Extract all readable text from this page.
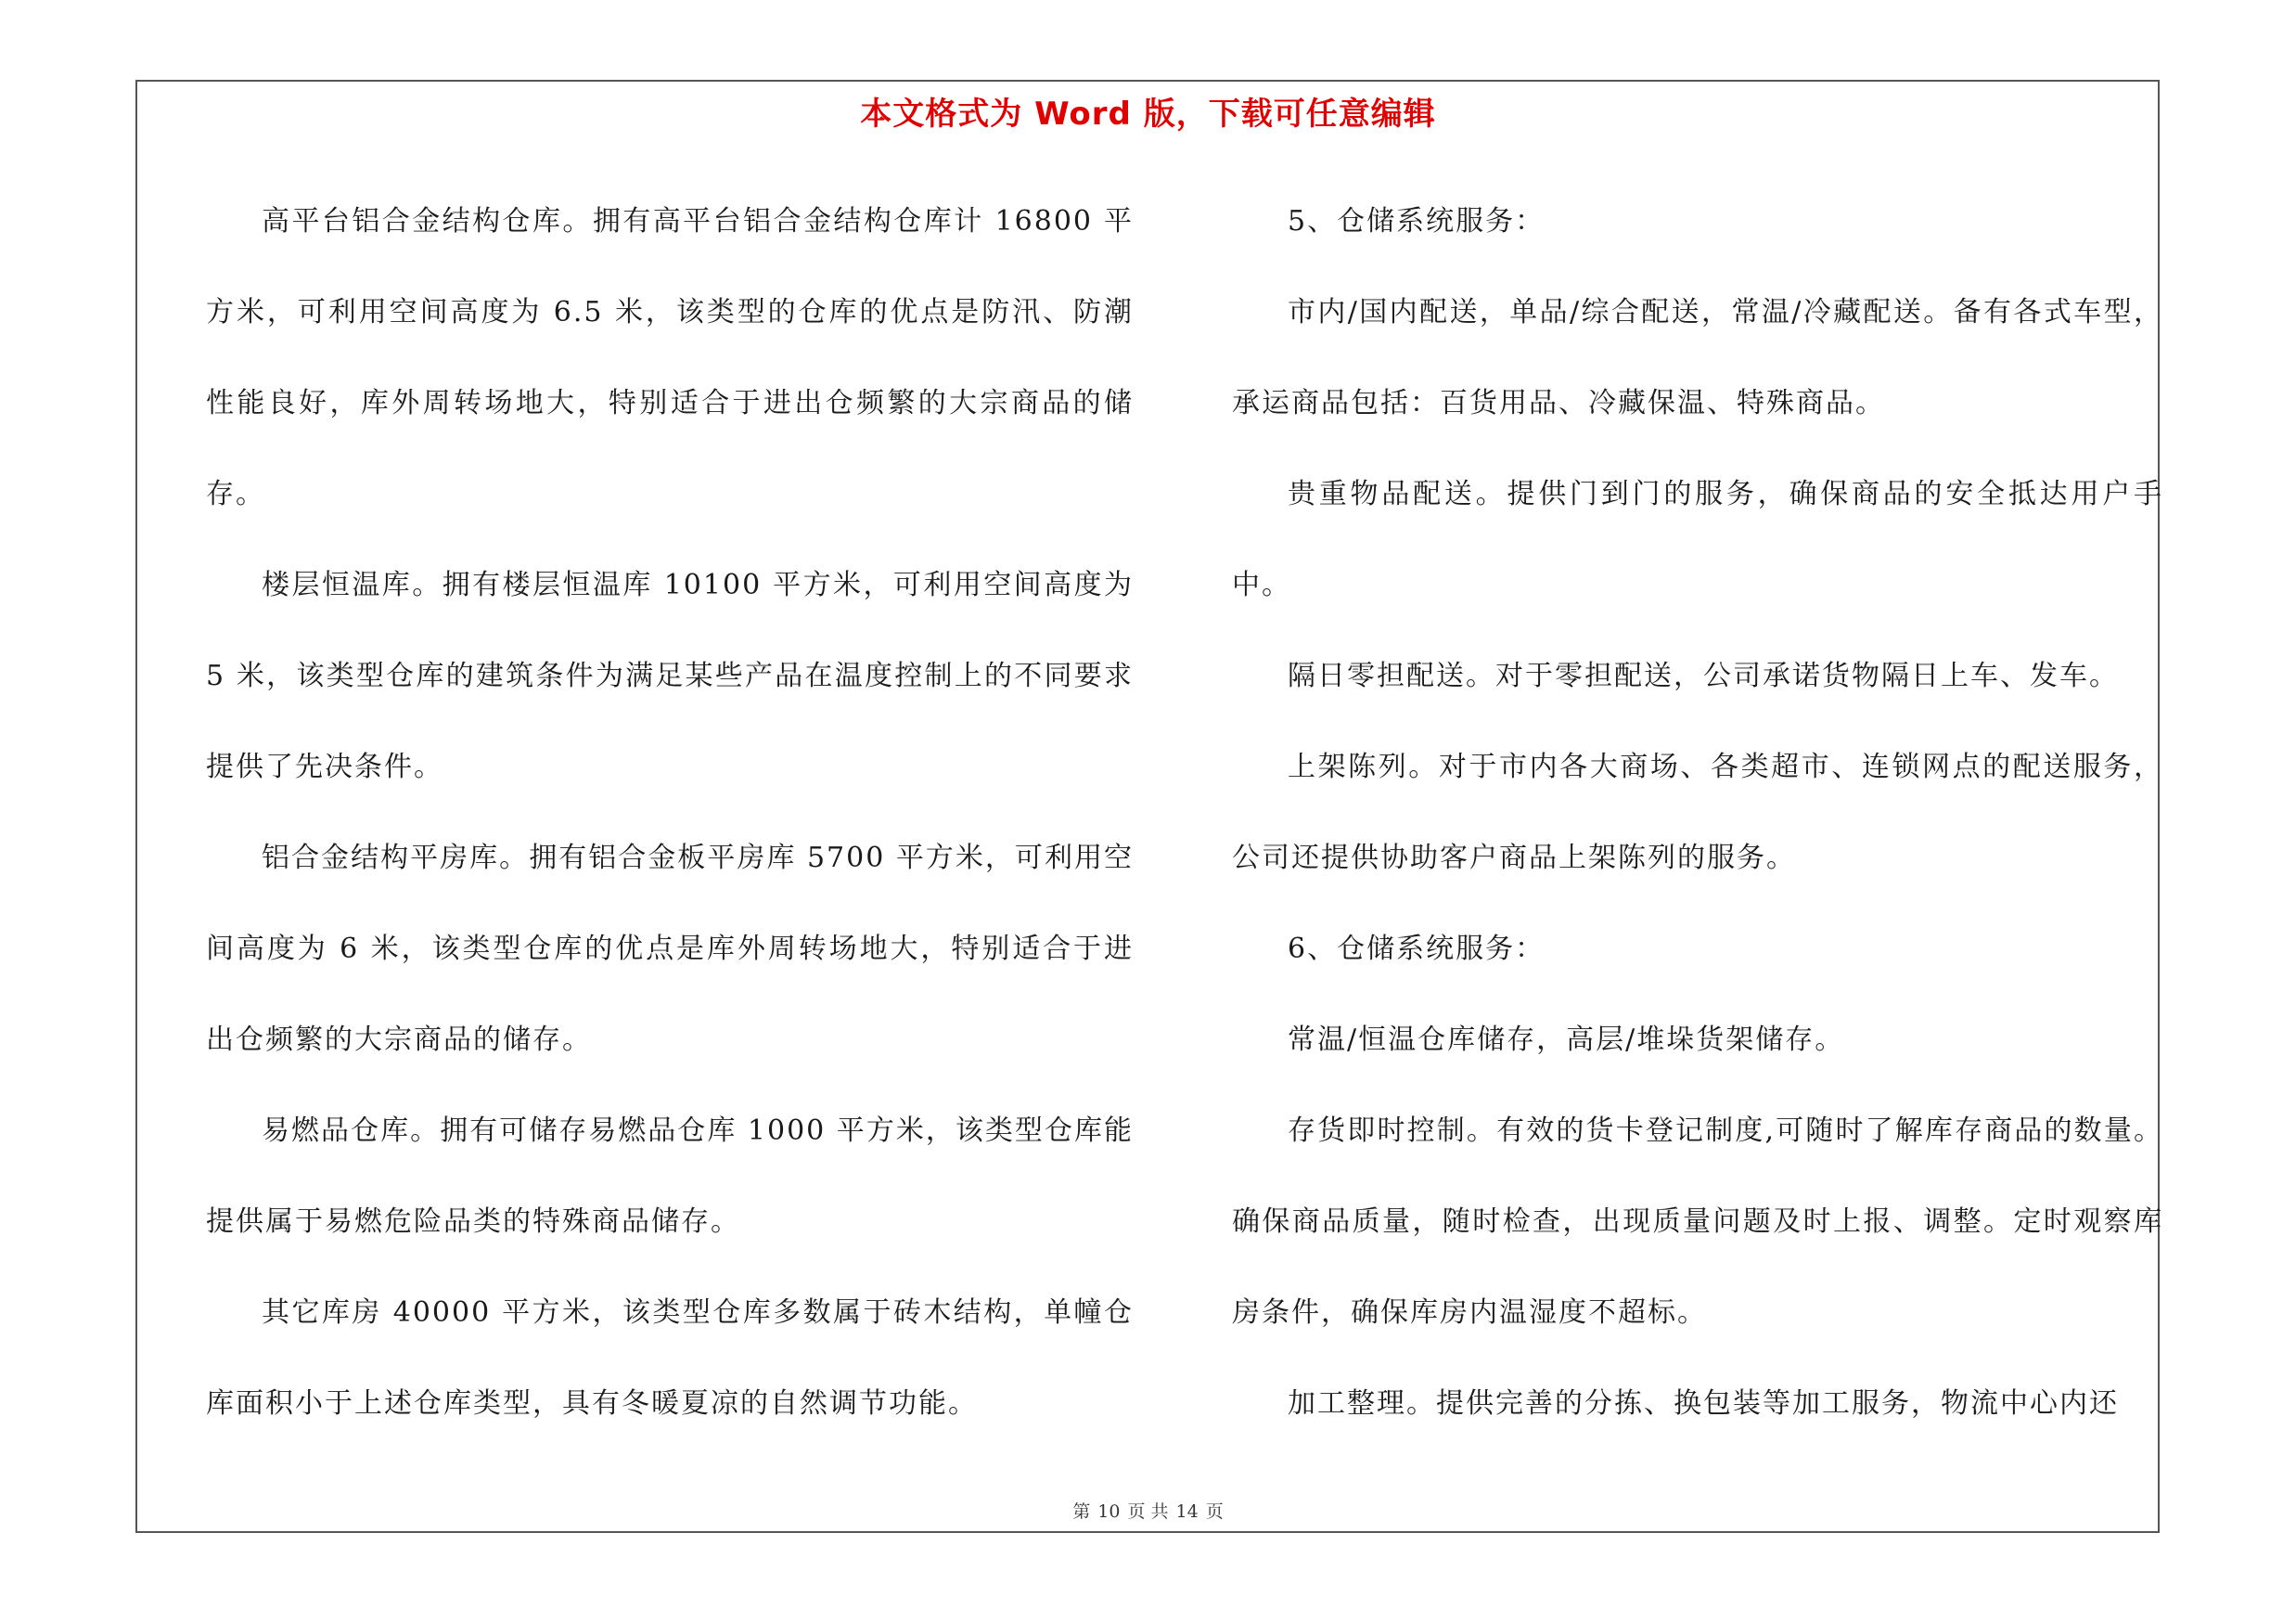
本文格式为 Word 版，下载可任意编辑

高平台铝合金结构仓库。拥有高平台铝合金结构仓库计 16800 平方米，可利用空间高度为 6.5 米，该类型的仓库的优点是防汛、防潮性能良好，库外周转场地大，特别适合于进出仓频繁的大宗商品的储存。

楼层恒温库。拥有楼层恒温库 10100 平方米，可利用空间高度为 5 米，该类型仓库的建筑条件为满足某些产品在温度控制上的不同要求提供了先决条件。

铝合金结构平房库。拥有铝合金板平房库 5700 平方米，可利用空间高度为 6 米，该类型仓库的优点是库外周转场地大，特别适合于进出仓频繁的大宗商品的储存。

易燃品仓库。拥有可储存易燃品仓库 1000 平方米，该类型仓库能提供属于易燃危险品类的特殊商品储存。

其它库房 40000 平方米，该类型仓库多数属于砖木结构，单幢仓库面积小于上述仓库类型，具有冬暖夏凉的自然调节功能。

5、仓储系统服务：

市内/国内配送，单品/综合配送，常温/冷藏配送。备有各式车型，承运商品包括：百货用品、冷藏保温、特殊商品。

贵重物品配送。提供门到门的服务，确保商品的安全抵达用户手中。

隔日零担配送。对于零担配送，公司承诺货物隔日上车、发车。

上架陈列。对于市内各大商场、各类超市、连锁网点的配送服务，公司还提供协助客户商品上架陈列的服务。

6、仓储系统服务：

常温/恒温仓库储存，高层/堆垛货架储存。

存货即时控制。有效的货卡登记制度,可随时了解库存商品的数量。确保商品质量，随时检查，出现质量问题及时上报、调整。定时观察库房条件，确保库房内温湿度不超标。

加工整理。提供完善的分拣、换包装等加工服务，物流中心内还

第 10 页 共 14 页
